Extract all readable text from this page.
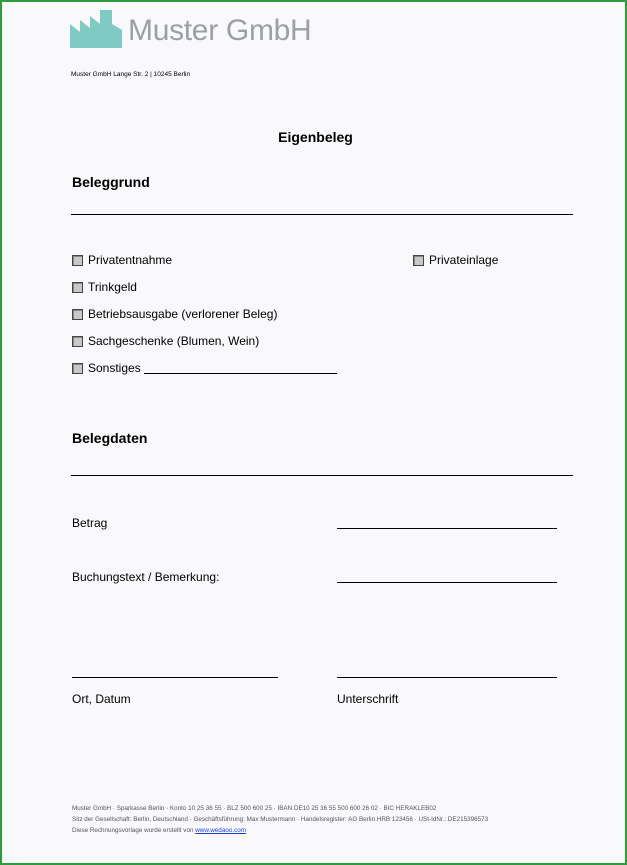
Muster GmbH
Muster GmbH Lange Str. 2 | 10245 Berlin
Eigenbeleg
Beleggrund
Privatentnahme	Privateinlage
Trinkgeld
Betriebsausgabe (verlorener Beleg)
Sachgeschenke (Blumen, Wein)
Sonstiges
Belegdaten
Betrag
Buchungstext / Bemerkung:
Ort, Datum	Unterschrift
Muster GmbH · Sparkasse Berlin · Konto 10 25 36 55 · BLZ 500 600 25 · IBAN DE10 25 36 55 500 600 26 02 · BIC HERAKLEB02
Sitz der Gesellschaft: Berlin, Deutschland · Geschäftsführung: Max Mustermann · Handelsregister: AG Berlin HRB 123456 · USt-IdNr.: DE215396573
Diese Rechnungsvorlage wurde erstellt von www.wedaoo.com
